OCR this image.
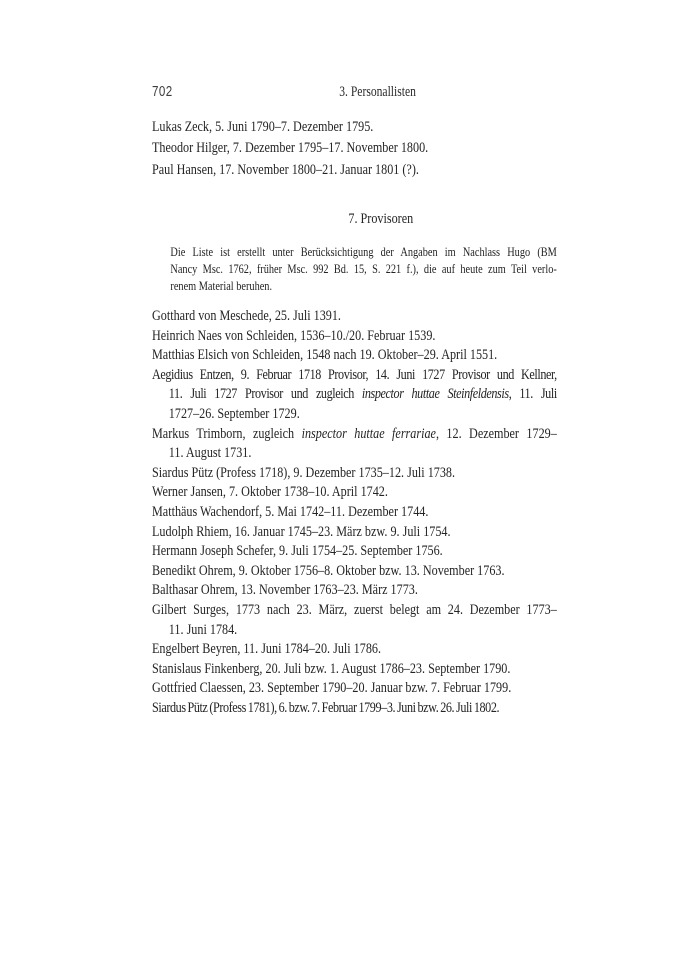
702	3. Personallisten
Lukas Zeck, 5. Juni 1790–7. Dezember 1795.
Theodor Hilger, 7. Dezember 1795–17. November 1800.
Paul Hansen, 17. November 1800–21. Januar 1801 (?).
7. Provisoren
Die Liste ist erstellt unter Berücksichtigung der Angaben im Nachlass Hugo (BM
Nancy Msc. 1762, früher Msc. 992 Bd. 15, S. 221 f.), die auf heute zum Teil verlo-
renem Material beruhen.
Gotthard von Meschede, 25. Juli 1391.
Heinrich Naes von Schleiden, 1536–10./20. Februar 1539.
Matthias Elsich von Schleiden, 1548 nach 19. Oktober–29. April 1551.
Aegidius Entzen, 9. Februar 1718 Provisor, 14. Juni 1727 Provisor und Kellner,
11. Juli 1727 Provisor und zugleich inspector huttae Steinfeldensis, 11. Juli
1727–26. September 1729.
Markus Trimborn, zugleich inspector huttae ferrariae, 12. Dezember 1729–
11. August 1731.
Siardus Pütz (Profess 1718), 9. Dezember 1735–12. Juli 1738.
Werner Jansen, 7. Oktober 1738–10. April 1742.
Matthäus Wachendorf, 5. Mai 1742–11. Dezember 1744.
Ludolph Rhiem, 16. Januar 1745–23. März bzw. 9. Juli 1754.
Hermann Joseph Schefer, 9. Juli 1754–25. September 1756.
Benedikt Ohrem, 9. Oktober 1756–8. Oktober bzw. 13. November 1763.
Balthasar Ohrem, 13. November 1763–23. März 1773.
Gilbert Surges, 1773 nach 23. März, zuerst belegt am 24. Dezember 1773–
11. Juni 1784.
Engelbert Beyren, 11. Juni 1784–20. Juli 1786.
Stanislaus Finkenberg, 20. Juli bzw. 1. August 1786–23. September 1790.
Gottfried Claessen, 23. September 1790–20. Januar bzw. 7. Februar 1799.
Siardus Pütz (Profess 1781), 6. bzw. 7. Februar 1799–3. Juni bzw. 26. Juli 1802.
